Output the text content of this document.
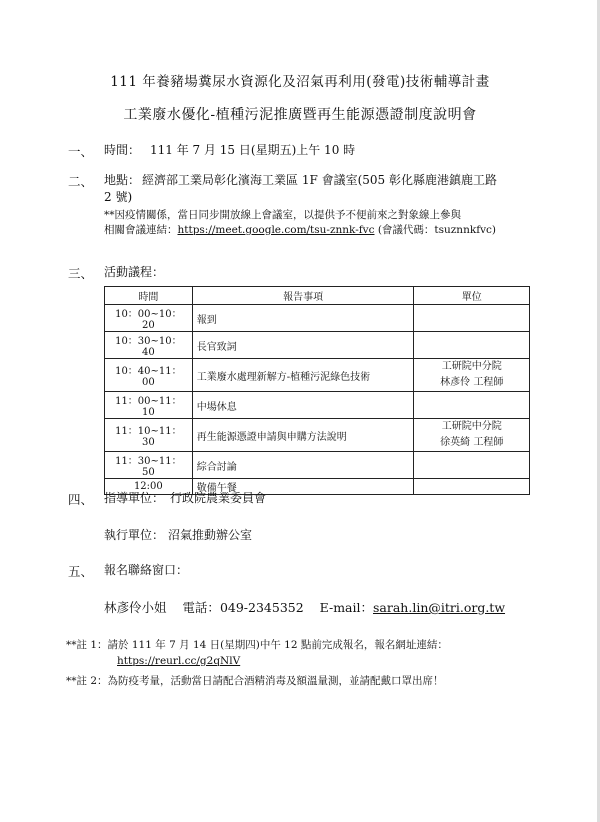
111 年養豬場糞尿水資源化及沼氣再利用(發電)技術輔導計畫
工業廢水優化-植種污泥推廣暨再生能源憑證制度說明會
一、 時間： 111 年 7 月 15 日(星期五)上午 10 時
二、 地點： 經濟部工業局彰化濱海工業區 1F 會議室(505 彰化縣鹿港鎮鹿工路
2 號)
**因疫情關係，當日同步開放線上會議室，以提供予不便前來之對象線上參與
相關會議連結：https://meet.google.com/tsu-znnk-fvc (會議代碼：tsuznnkfvc)
三、 活動議程：
時間	報告事項	單位
10：00~10：20	報到	
10：30~10：40	長官致詞	
10：40~11：00	工業廢水處理新解方-植種污泥綠色技術	工研院中分院
林彥伶 工程師

11：00~11：10	中場休息	
11：10~11：30	再生能源憑證申請與申購方法說明	工研院中分院
徐英綺 工程師

11：30~11：50	綜合討論	
12:00	敬備午餐	
四、 指導單位： 行政院農業委員會
執行單位： 沼氣推動辦公室
五、 報名聯絡窗口：
林彥伶小姐 電話：049-2345352 E-mail：sarah.lin@itri.org.tw
**註 1：請於 111 年 7 月 14 日(星期四)中午 12 點前完成報名，報名網址連結：
https://reurl.cc/g2qNlV
**註 2：為防疫考量，活動當日請配合酒精消毒及額溫量測，並請配戴口罩出席！
